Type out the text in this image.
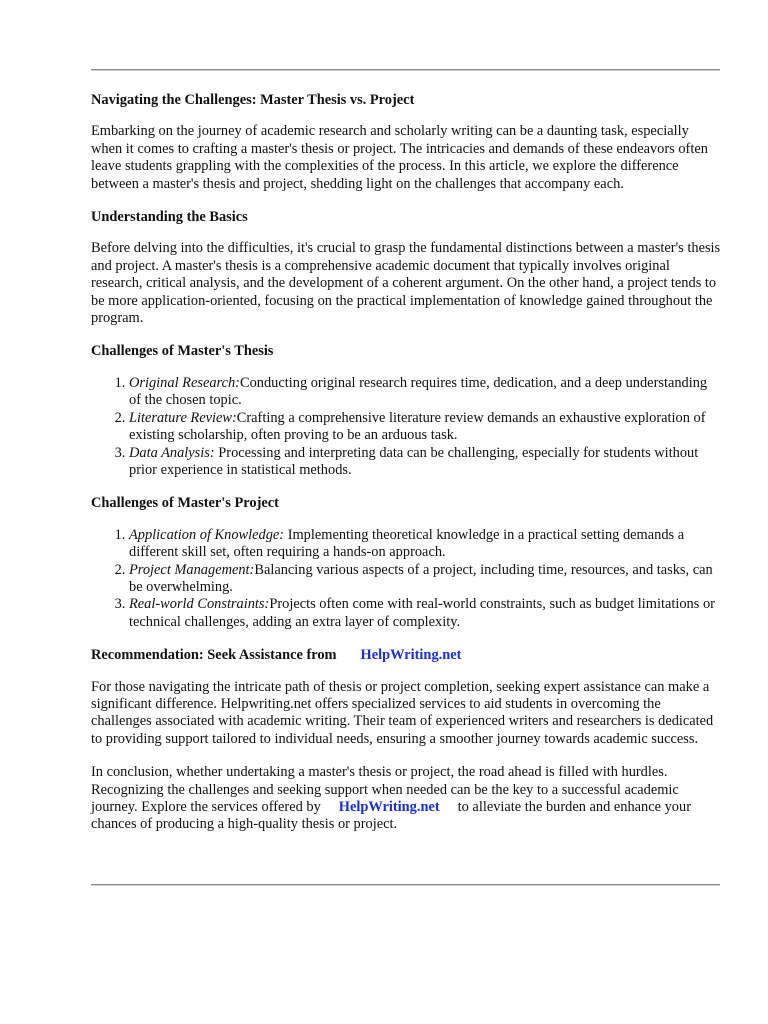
Navigating the Challenges: Master Thesis vs. Project

Embarking on the journey of academic research and scholarly writing can be a daunting task, especially when it comes to crafting a master's thesis or project. The intricacies and demands of these endeavors often leave students grappling with the complexities of the process. In this article, we explore the difference between a master's thesis and project, shedding light on the challenges that accompany each.

Understanding the Basics

Before delving into the difficulties, it's crucial to grasp the fundamental distinctions between a master's thesis and project. A master's thesis is a comprehensive academic document that typically involves original research, critical analysis, and the development of a coherent argument. On the other hand, a project tends to be more application-oriented, focusing on the practical implementation of knowledge gained throughout the program.

Challenges of Master's Thesis
1. Original Research:Conducting original research requires time, dedication, and a deep understanding of the chosen topic.
2. Literature Review:Crafting a comprehensive literature review demands an exhaustive exploration of existing scholarship, often proving to be an arduous task.
3. Data Analysis: Processing and interpreting data can be challenging, especially for students without prior experience in statistical methods.
Challenges of Master's Project
1. Application of Knowledge: Implementing theoretical knowledge in a practical setting demands a different skill set, often requiring a hands-on approach.
2. Project Management:Balancing various aspects of a project, including time, resources, and tasks, can be overwhelming.
3. Real-world Constraints:Projects often come with real-world constraints, such as budget limitations or technical challenges, adding an extra layer of complexity.
Recommendation: Seek Assistance from HelpWriting.net

For those navigating the intricate path of thesis or project completion, seeking expert assistance can make a significant difference. Helpwriting.net offers specialized services to aid students in overcoming the challenges associated with academic writing. Their team of experienced writers and researchers is dedicated to providing support tailored to individual needs, ensuring a smoother journey towards academic success.

In conclusion, whether undertaking a master's thesis or project, the road ahead is filled with hurdles. Recognizing the challenges and seeking support when needed can be the key to a successful academic journey. Explore the services offered by HelpWriting.net to alleviate the burden and enhance your chances of producing a high-quality thesis or project.
